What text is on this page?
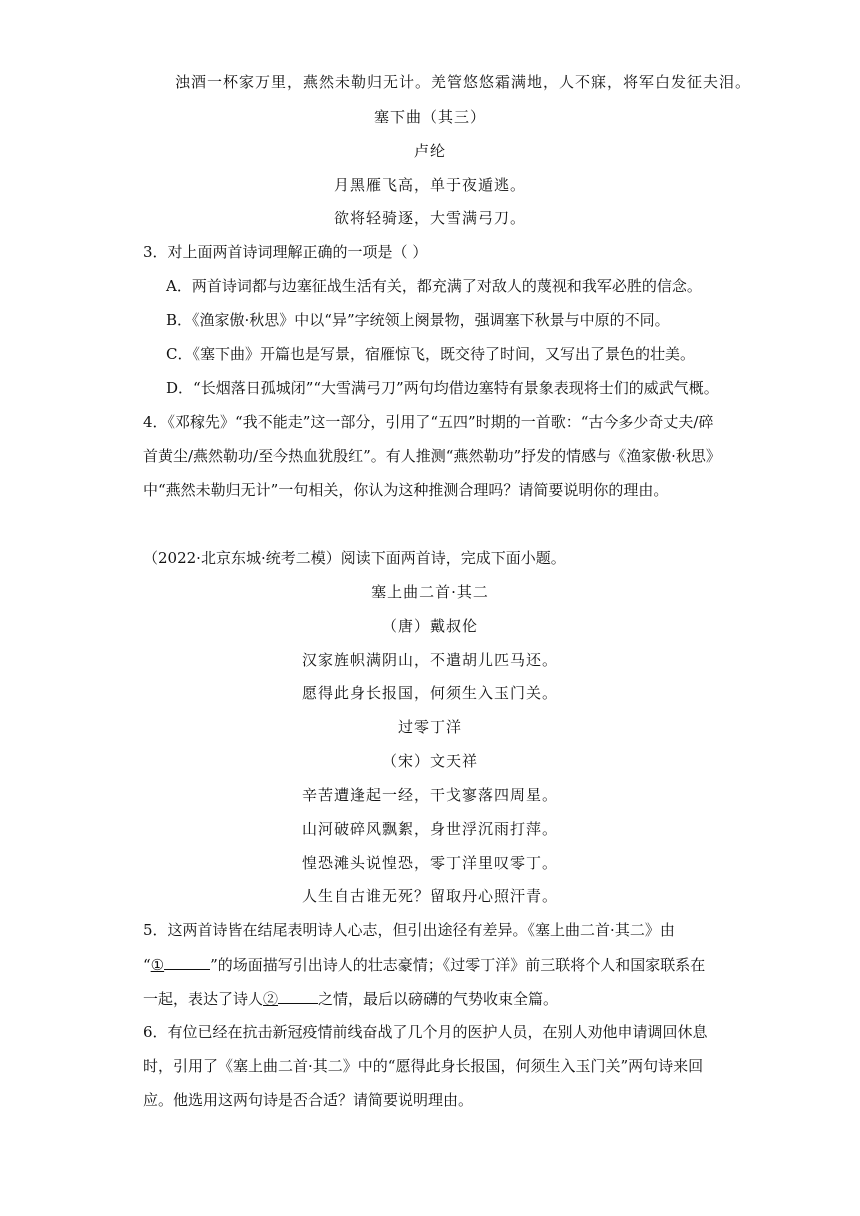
浊酒一杯家万里，燕然未勒归无计。羌管悠悠霜满地，人不寐，将军白发征夫泪。
塞下曲（其三）
卢纶
月黑雁飞高，单于夜遁逃。
欲将轻骑逐，大雪满弓刀。
3．对上面两首诗词理解正确的一项是（ ）
A．两首诗词都与边塞征战生活有关，都充满了对敌人的蔑视和我军必胜的信念。
B．《渔家傲·秋思》中以“异”字统领上阕景物，强调塞下秋景与中原的不同。
C．《塞下曲》开篇也是写景，宿雁惊飞，既交待了时间，又写出了景色的壮美。
D．“长烟落日孤城闭”“大雪满弓刀”两句均借边塞特有景象表现将士们的威武气概。
4．《邓稼先》“我不能走”这一部分，引用了“五四”时期的一首歌：“古今多少奇丈夫/碎
首黄尘/燕然勒功/至今热血犹殷红”。有人推测“燕然勒功”抒发的情感与《渔家傲·秋思》
中“燕然未勒归无计”一句相关，你认为这种推测合理吗？请简要说明你的理由。
（2022·北京东城·统考二模）阅读下面两首诗，完成下面小题。
塞上曲二首·其二
（唐）戴叔伦
汉家旌帜满阴山，不遣胡儿匹马还。
愿得此身长报国，何须生入玉门关。
过零丁洋
（宋）文天祥
辛苦遭逢起一经，干戈寥落四周星。
山河破碎风飘絮，身世浮沉雨打萍。
惶恐滩头说惶恐，零丁洋里叹零丁。
人生自古谁无死？留取丹心照汗青。
5．这两首诗皆在结尾表明诗人心志，但引出途径有差异。《塞上曲二首·其二》由
“①	”的场面描写引出诗人的壮志豪情；《过零丁洋》前三联将个人和国家联系在
一起，表达了诗人②	之情，最后以磅礴的气势收束全篇。
6．有位已经在抗击新冠疫情前线奋战了几个月的医护人员，在别人劝他申请调回休息
时，引用了《塞上曲二首·其二》中的“愿得此身长报国，何须生入玉门关”两句诗来回
应。他选用这两句诗是否合适？请简要说明理由。
